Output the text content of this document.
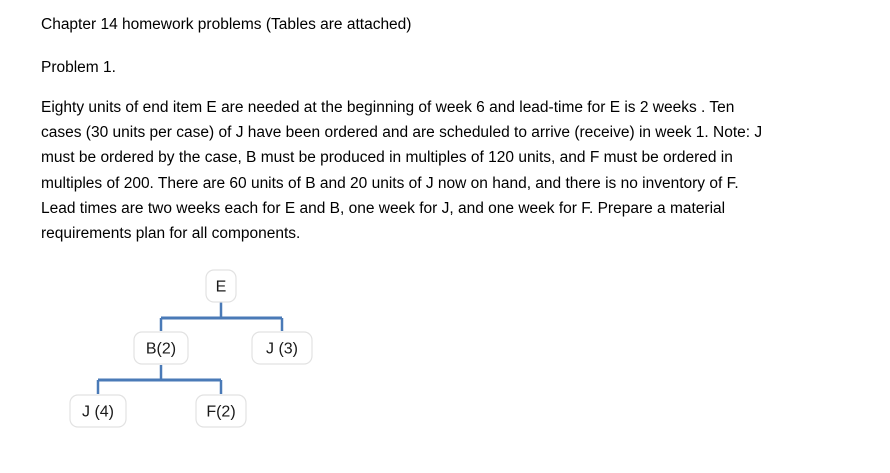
Chapter 14 homework problems (Tables are attached)
Problem 1.
Eighty units of end item E are needed at the beginning of week 6 and lead-time for E is 2 weeks . Ten
cases (30 units per case) of J have been ordered and are scheduled to arrive (receive) in week 1. Note: J
must be ordered by the case, B must be produced in multiples of 120 units, and F must be ordered in
multiples of 200. There are 60 units of B and 20 units of J now on hand, and there is no inventory of F.
Lead times are two weeks each for E and B, one week for J, and one week for F. Prepare a material
requirements plan for all components.
E
B(2)	J (3)
J (4)	F(2)
